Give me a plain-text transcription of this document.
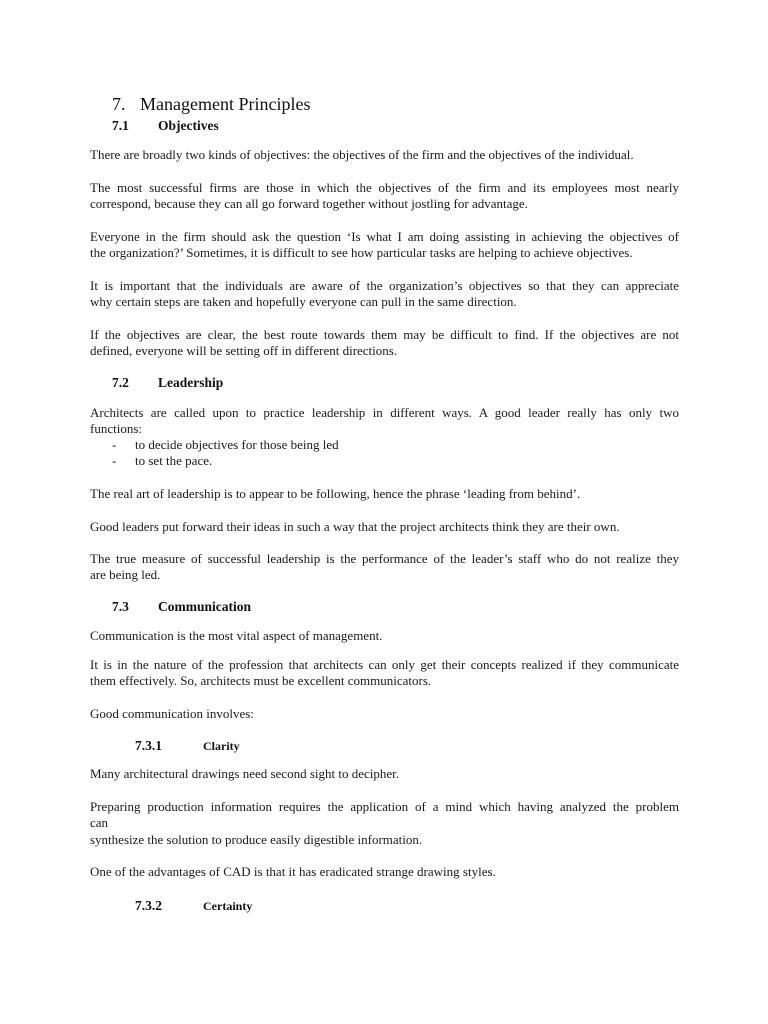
7. Management Principles
7.1 Objectives
There are broadly two kinds of objectives: the objectives of the firm and the objectives of the individual.
The most successful firms are those in which the objectives of the firm and its employees most nearly
correspond, because they can all go forward together without jostling for advantage.
Everyone in the firm should ask the question ‘Is what I am doing assisting in achieving the objectives of
the organization?’ Sometimes, it is difficult to see how particular tasks are helping to achieve objectives.
It is important that the individuals are aware of the organization’s objectives so that they can appreciate
why certain steps are taken and hopefully everyone can pull in the same direction.
If the objectives are clear, the best route towards them may be difficult to find. If the objectives are not
defined, everyone will be setting off in different directions.
7.2 Leadership
Architects are called upon to practice leadership in different ways. A good leader really has only two
functions:
- to decide objectives for those being led
- to set the pace.
The real art of leadership is to appear to be following, hence the phrase ‘leading from behind’.
Good leaders put forward their ideas in such a way that the project architects think they are their own.
The true measure of successful leadership is the performance of the leader’s staff who do not realize they
are being led.
7.3 Communication
Communication is the most vital aspect of management.
It is in the nature of the profession that architects can only get their concepts realized if they communicate
them effectively. So, architects must be excellent communicators.
Good communication involves:
7.3.1	Clarity
Many architectural drawings need second sight to decipher.
Preparing production information requires the application of a mind which having analyzed the problem
can
synthesize the solution to produce easily digestible information.
One of the advantages of CAD is that it has eradicated strange drawing styles.
7.3.2	Certainty
